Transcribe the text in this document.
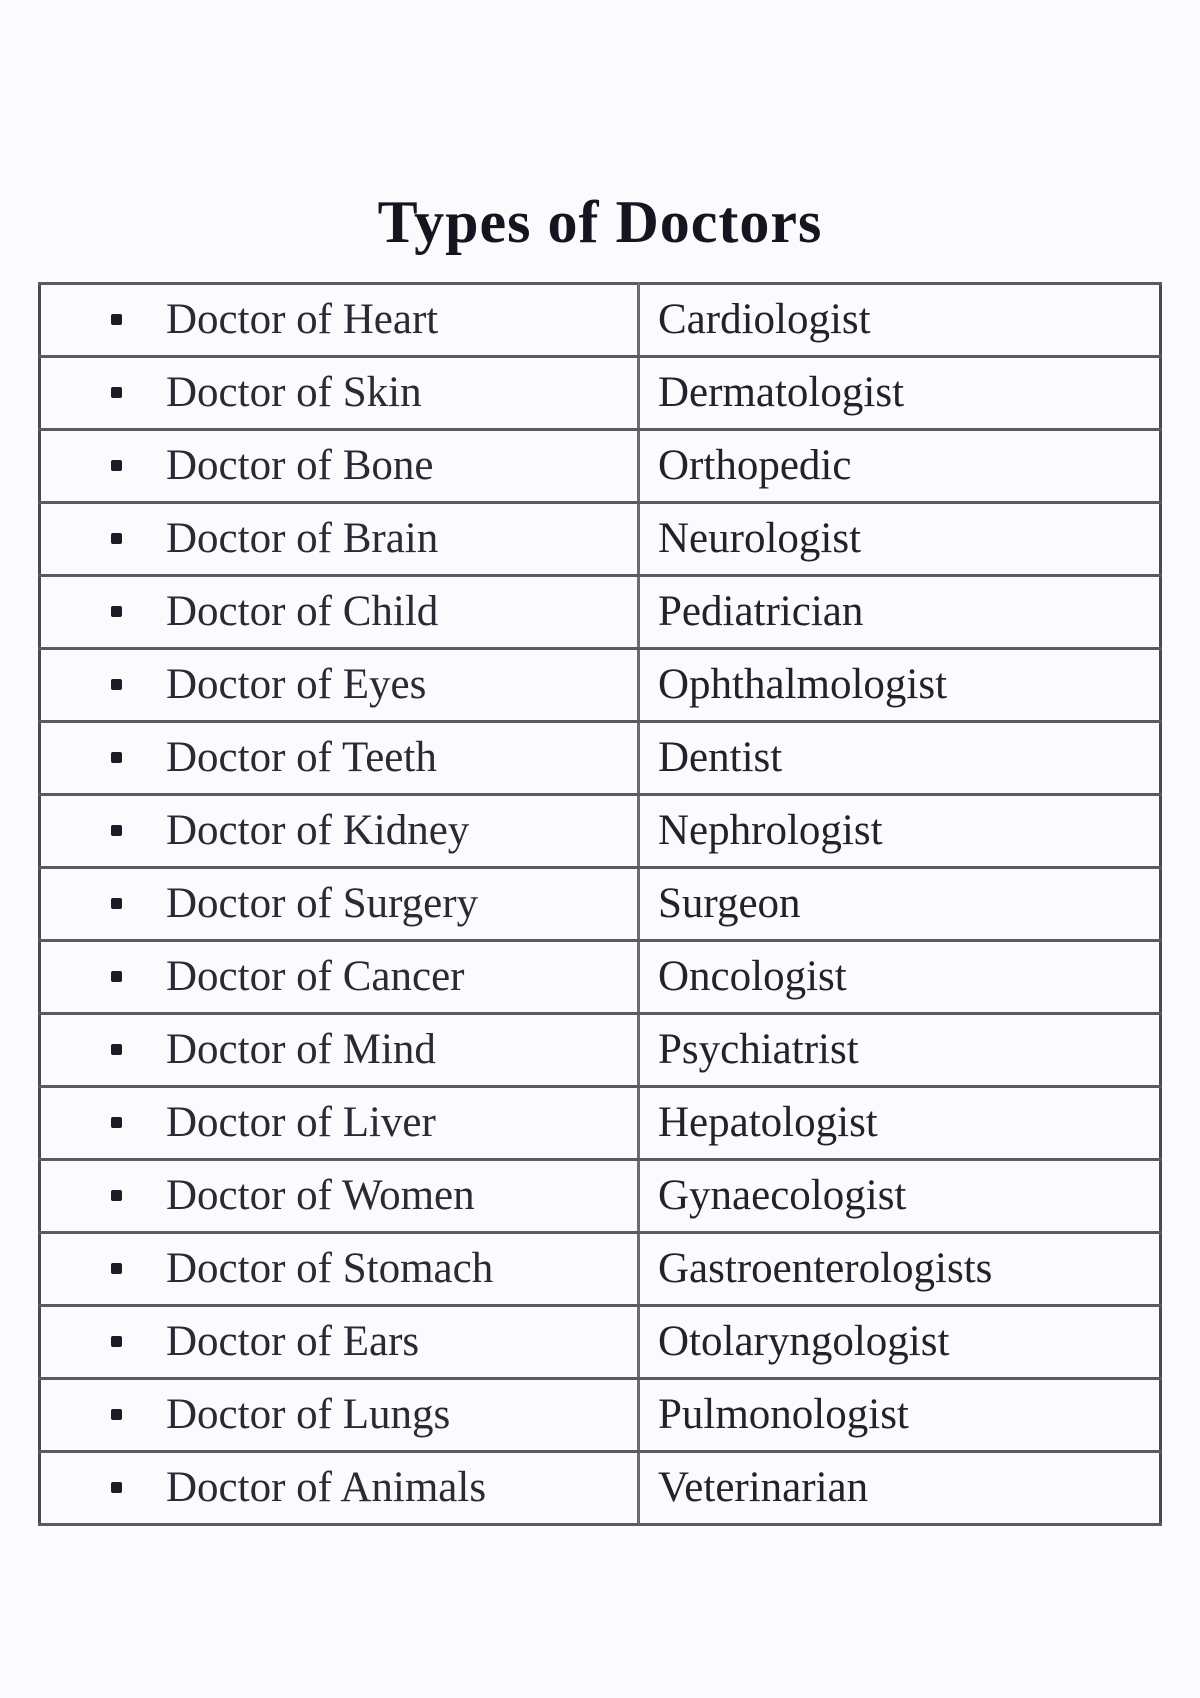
Types of Doctors
Doctor of Heart	Cardiologist
Doctor of Skin	Dermatologist
Doctor of Bone	Orthopedic
Doctor of Brain	Neurologist
Doctor of Child	Pediatrician
Doctor of Eyes	Ophthalmologist
Doctor of Teeth	Dentist
Doctor of Kidney	Nephrologist
Doctor of Surgery	Surgeon
Doctor of Cancer	Oncologist
Doctor of Mind	Psychiatrist
Doctor of Liver	Hepatologist
Doctor of Women	Gynaecologist
Doctor of Stomach	Gastroenterologists
Doctor of Ears	Otolaryngologist
Doctor of Lungs	Pulmonologist
Doctor of Animals	Veterinarian
